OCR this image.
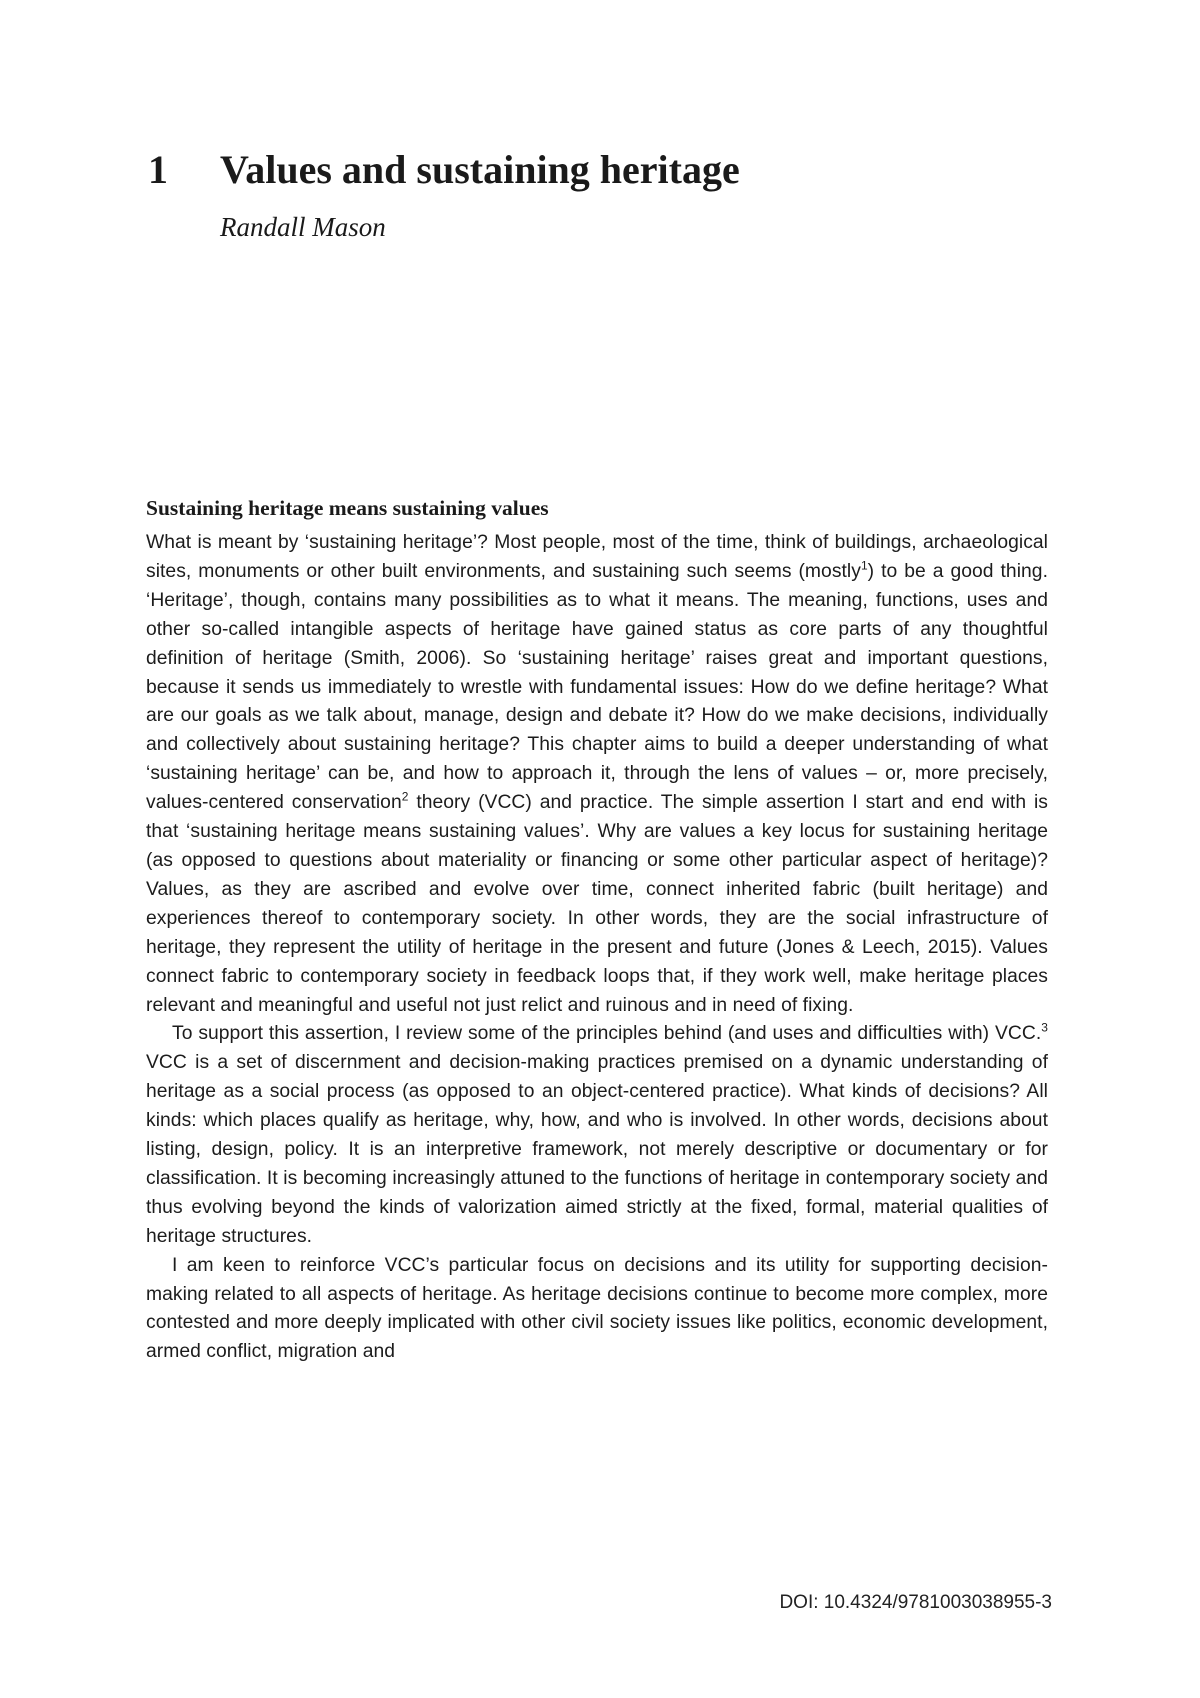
1	Values and sustaining heritage
Randall Mason
Sustaining heritage means sustaining values

What is meant by ‘sustaining heritage’? Most people, most of the time, think of buildings, archaeological sites, monuments or other built environments, and sustaining such seems (mostly$^1$) to be a good thing. ‘Heritage’, though, contains many possibilities as to what it means. The meaning, functions, uses and other so-called intangible aspects of heritage have gained status as core parts of any thoughtful definition of heritage (Smith, 2006). So ‘sustaining heritage’ raises great and important questions, because it sends us immediately to wrestle with fundamental issues: How do we define heritage? What are our goals as we talk about, manage, design and debate it? How do we make decisions, individually and collectively about sustaining heritage? This chapter aims to build a deeper understanding of what ‘sustaining heritage’ can be, and how to approach it, through the lens of values – or, more precisely, values-centered conservation$^2$ theory (VCC) and practice. The simple assertion I start and end with is that ‘sustaining heritage means sustaining values’. Why are values a key locus for sustaining heritage (as opposed to questions about materiality or financing or some other particular aspect of heritage)? Values, as they are ascribed and evolve over time, connect inherited fabric (built heritage) and experiences thereof to contemporary society. In other words, they are the social infrastructure of heritage, they represent the utility of heritage in the present and future (Jones & Leech, 2015). Values connect fabric to contemporary society in feedback loops that, if they work well, make heritage places relevant and meaningful and useful not just relict and ruinous and in need of fixing.

To support this assertion, I review some of the principles behind (and uses and difficulties with) VCC.$^3$ VCC is a set of discernment and decision-making practices premised on a dynamic understanding of heritage as a social process (as opposed to an object-centered practice). What kinds of decisions? All kinds: which places qualify as heritage, why, how, and who is involved. In other words, decisions about listing, design, policy. It is an interpretive framework, not merely descriptive or documentary or for classification. It is becoming increasingly attuned to the functions of heritage in contemporary society and thus evolving beyond the kinds of valorization aimed strictly at the fixed, formal, material qualities of heritage structures.

I am keen to reinforce VCC’s particular focus on decisions and its utility for supporting decision-making related to all aspects of heritage. As heritage decisions continue to become more complex, more contested and more deeply implicated with other civil society issues like politics, economic development, armed conflict, migration and

DOI: 10.4324/9781003038955-3
